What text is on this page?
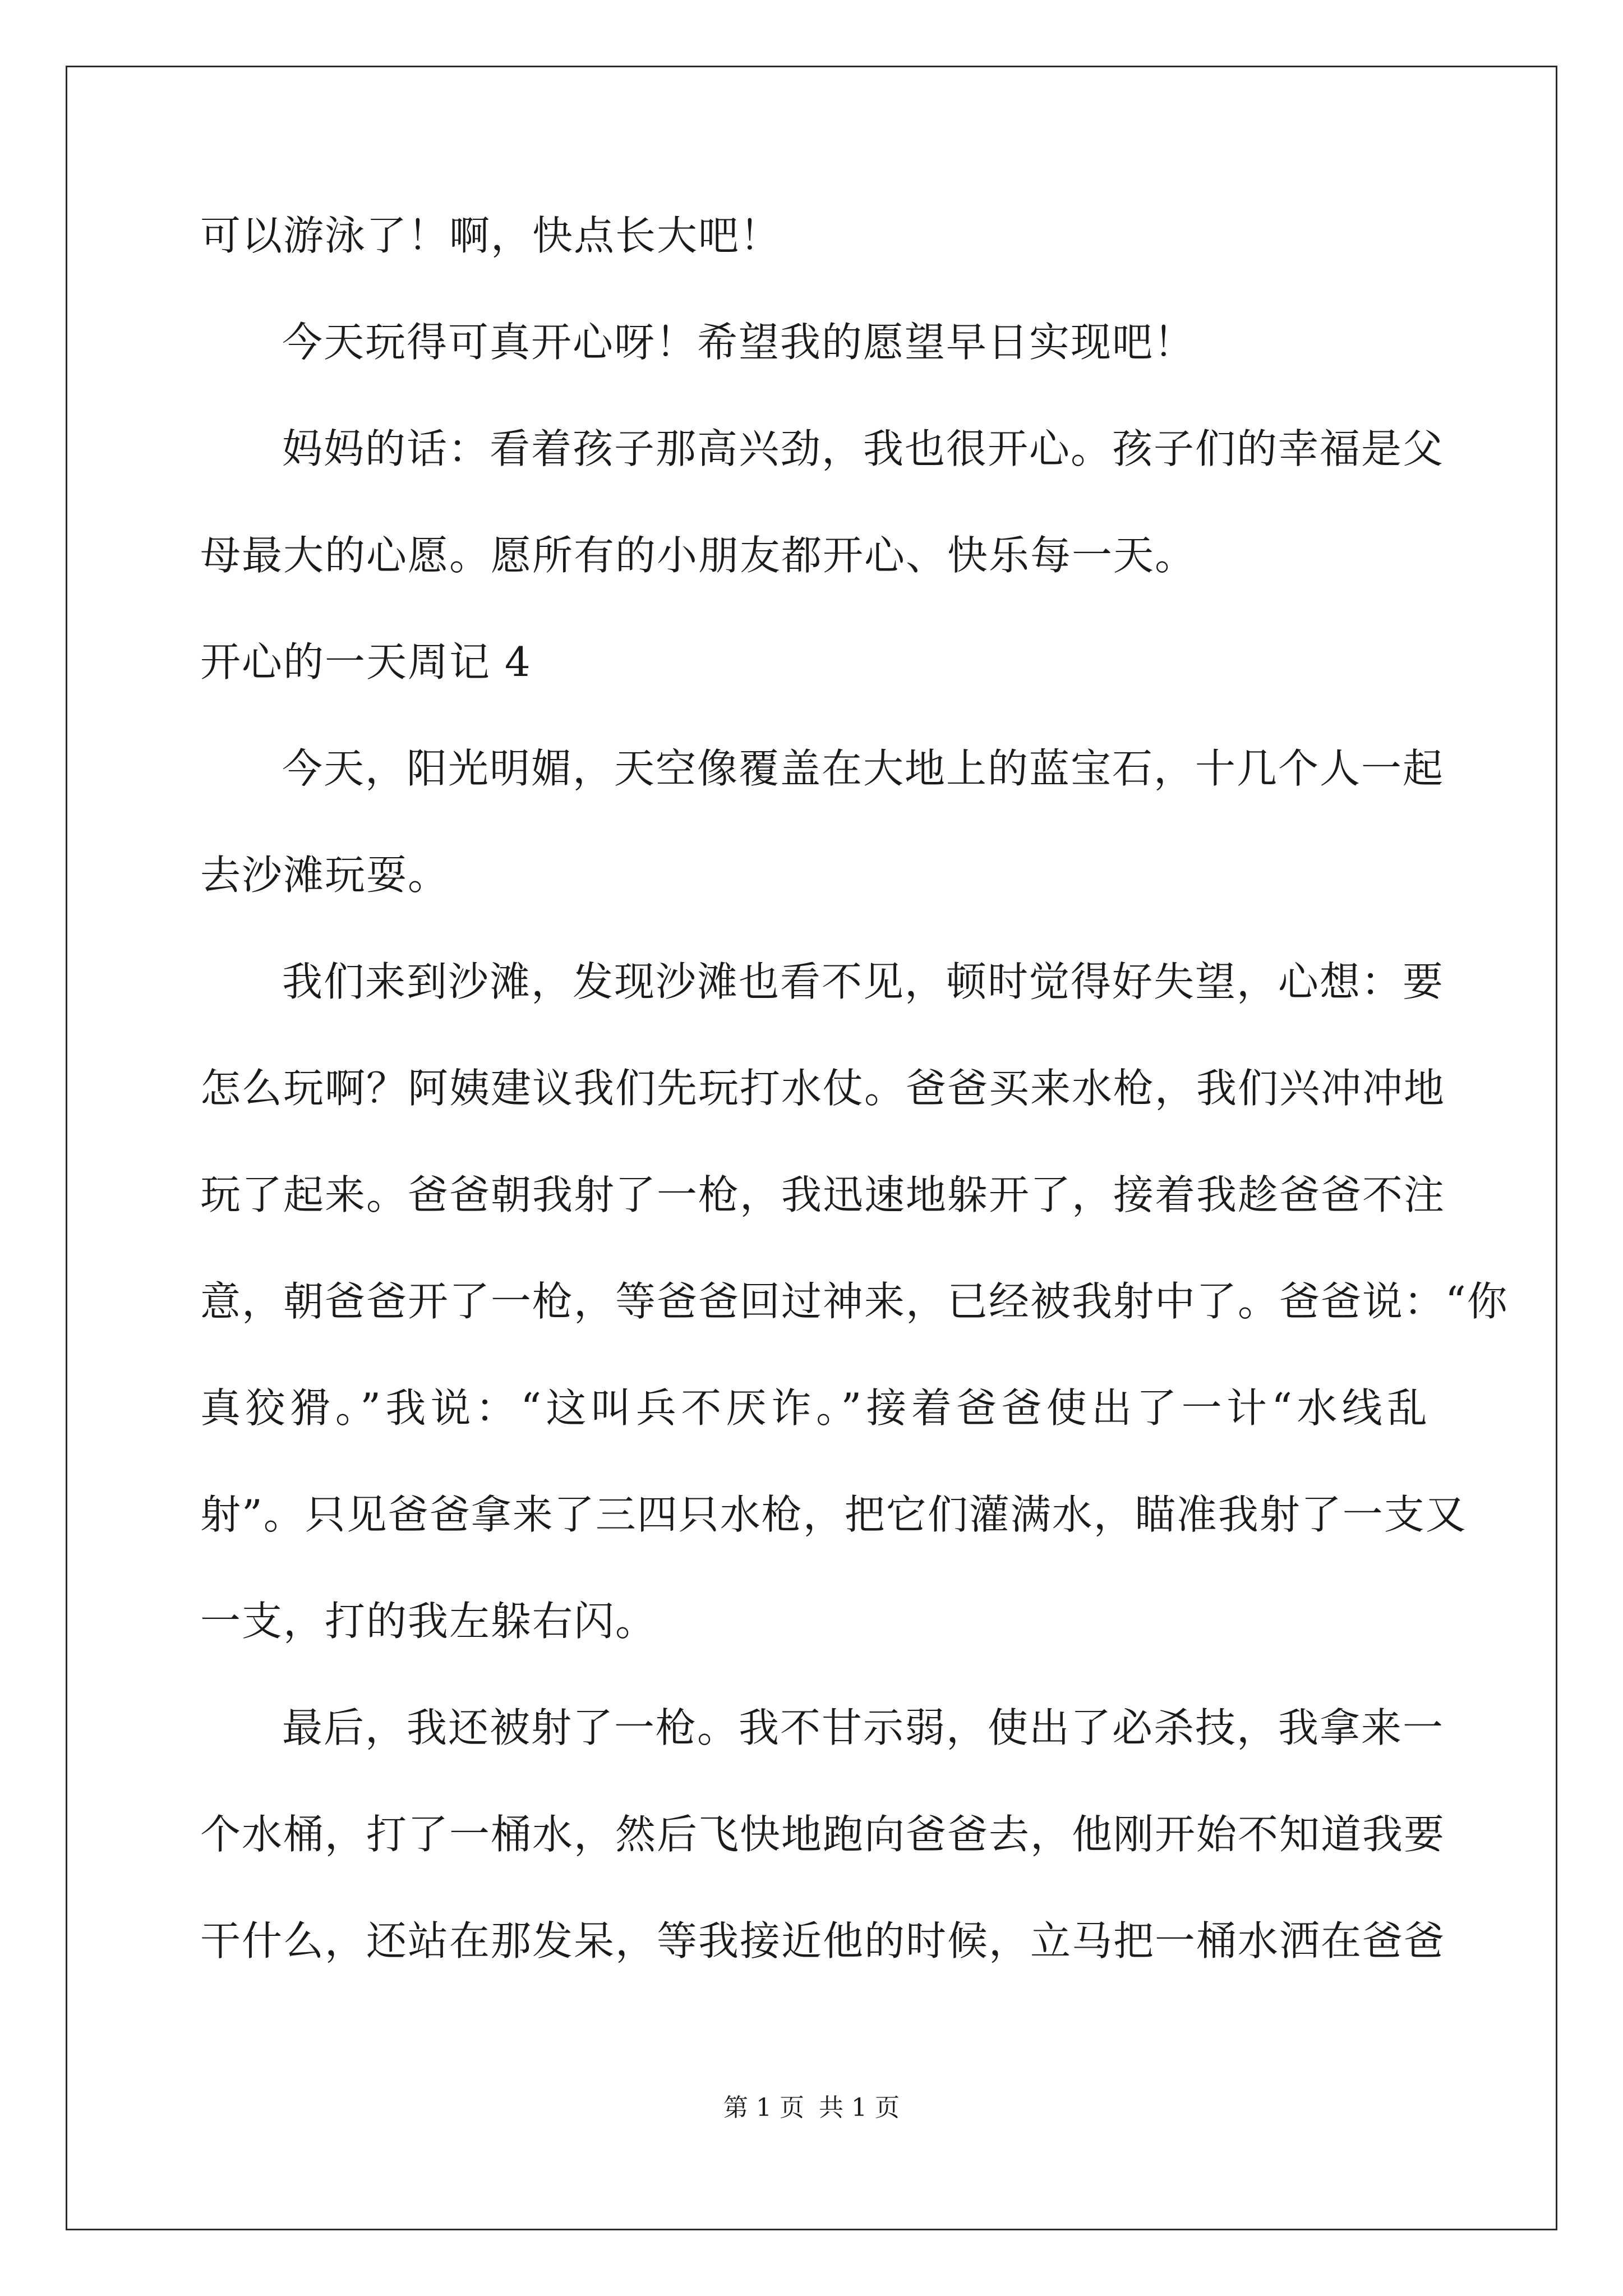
可以游泳了！啊，快点长大吧！
今天玩得可真开心呀！希望我的愿望早日实现吧！
妈妈的话：看着孩子那高兴劲，我也很开心。孩子们的幸福是父
母最大的心愿。愿所有的小朋友都开心、快乐每一天。
开心的一天周记 4
今天，阳光明媚，天空像覆盖在大地上的蓝宝石，十几个人一起
去沙滩玩耍。
我们来到沙滩，发现沙滩也看不见，顿时觉得好失望，心想：要
怎么玩啊？阿姨建议我们先玩打水仗。爸爸买来水枪，我们兴冲冲地
玩了起来。爸爸朝我射了一枪，我迅速地躲开了，接着我趁爸爸不注
意，朝爸爸开了一枪，等爸爸回过神来，已经被我射中了。爸爸说：“你
真狡猾。”我说：“这叫兵不厌诈。”接着爸爸使出了一计“水线乱
射”。只见爸爸拿来了三四只水枪，把它们灌满水，瞄准我射了一支又
一支，打的我左躲右闪。
最后，我还被射了一枪。我不甘示弱，使出了必杀技，我拿来一
个水桶，打了一桶水，然后飞快地跑向爸爸去，他刚开始不知道我要
干什么，还站在那发呆，等我接近他的时候，立马把一桶水洒在爸爸
第 1 页 共 1 页
